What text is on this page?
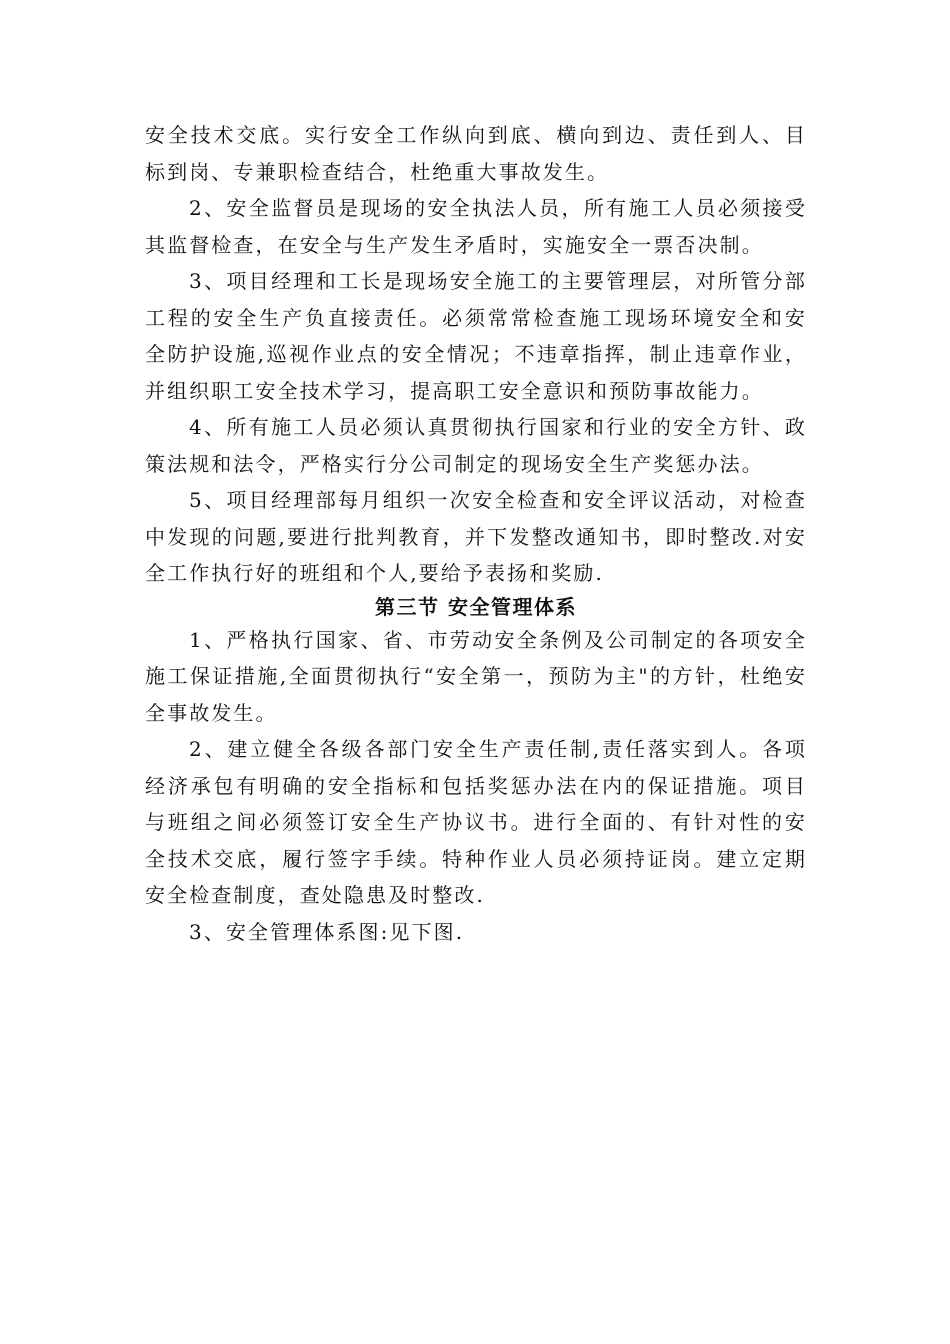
安全技术交底。实行安全工作纵向到底、横向到边、责任到人、目标到岗、专兼职检查结合，杜绝重大事故发生。

2、安全监督员是现场的安全执法人员，所有施工人员必须接受其监督检查，在安全与生产发生矛盾时，实施安全一票否决制。

3、项目经理和工长是现场安全施工的主要管理层，对所管分部工程的安全生产负直接责任。必须常常检查施工现场环境安全和安全防护设施,巡视作业点的安全情况；不违章指挥，制止违章作业，并组织职工安全技术学习，提高职工安全意识和预防事故能力。

4、所有施工人员必须认真贯彻执行国家和行业的安全方针、政策法规和法令，严格实行分公司制定的现场安全生产奖惩办法。

5、项目经理部每月组织一次安全检查和安全评议活动，对检查中发现的问题,要进行批判教育，并下发整改通知书，即时整改.对安全工作执行好的班组和个人,要给予表扬和奖励.

第三节 安全管理体系

1、严格执行国家、省、市劳动安全条例及公司制定的各项安全施工保证措施,全面贯彻执行“安全第一，预防为主"的方针，杜绝安全事故发生。

2、建立健全各级各部门安全生产责任制,责任落实到人。各项经济承包有明确的安全指标和包括奖惩办法在内的保证措施。项目与班组之间必须签订安全生产协议书。进行全面的、有针对性的安全技术交底，履行签字手续。特种作业人员必须持证岗。建立定期安全检查制度，查处隐患及时整改.

3、安全管理体系图:见下图.
